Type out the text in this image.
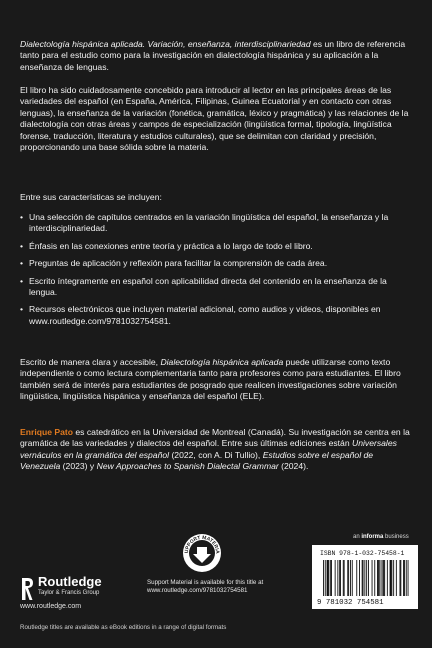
Dialectología hispánica aplicada. Variación, enseñanza, interdisciplinariedad es un libro de referencia tanto para el estudio como para la investigación en dialectología hispánica y su aplicación a la enseñanza de lenguas.

El libro ha sido cuidadosamente concebido para introducir al lector en las principales áreas de las variedades del español (en España, América, Filipinas, Guinea Ecuatorial y en contacto con otras lenguas), la enseñanza de la variación (fonética, gramática, léxico y pragmática) y las relaciones de la dialectología con otras áreas y campos de especialización (lingüística formal, tipología, lingüística forense, traducción, literatura y estudios culturales), que se delimitan con claridad y precisión, proporcionando una base sólida sobre la materia.

Entre sus características se incluyen:

• Una selección de capítulos centrados en la variación lingüística del español, la enseñanza y la interdisciplinariedad.
• Énfasis en las conexiones entre teoría y práctica a lo largo de todo el libro.
• Preguntas de aplicación y reflexión para facilitar la comprensión de cada área.
• Escrito íntegramente en español con aplicabilidad directa del contenido en la enseñanza de la lengua.
• Recursos electrónicos que incluyen material adicional, como audios y videos, disponibles en www.routledge.com/9781032754581.

Escrito de manera clara y accesible, Dialectología hispánica aplicada puede utilizarse como texto independiente o como lectura complementaria tanto para profesores como para estudiantes. El libro también será de interés para estudiantes de posgrado que realicen investigaciones sobre variación lingüística, lingüística hispánica y enseñanza del español (ELE).

Enrique Pato es catedrático en la Universidad de Montreal (Canadá). Su investigación se centra en la gramática de las variedades y dialectos del español. Entre sus últimas ediciones están Universales vernáculos en la gramática del español (2022, con A. Di Tullio), Estudios sobre el español de Venezuela (2023) y New Approaches to Spanish Dialectal Grammar (2024).

Routledge
Taylor & Francis Group
www.routledge.com
UPPORT MATERIA
Support Material is available for this title at
www.routledge.com/9781032754581
an informa business
ISBN 978-1-032-75458-1
9 781032 754581
Routledge titles are available as eBook editions in a range of digital formats
